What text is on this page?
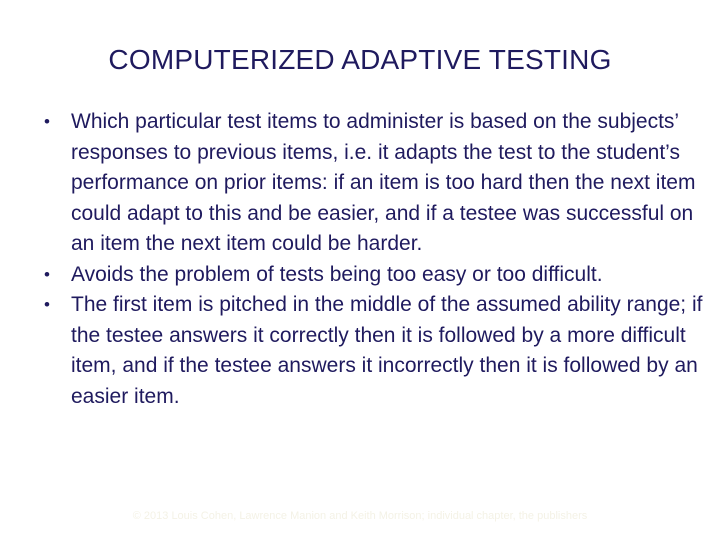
COMPUTERIZED ADAPTIVE TESTING
•	Which particular test items to administer is based on the subjects’ responses to previous items, i.e. it adapts the test to the student’s performance on prior items: if an item is too hard then the next item could adapt to this and be easier, and if a testee was successful on an item the next item could be harder.
•	Avoids the problem of tests being too easy or too difficult.
•	The first item is pitched in the middle of the assumed ability range; if the testee answers it correctly then it is followed by a more difficult item, and if the testee answers it incorrectly then it is followed by an easier item.
© 2013 Louis Cohen, Lawrence Manion and Keith Morrison; individual chapter, the publishers
